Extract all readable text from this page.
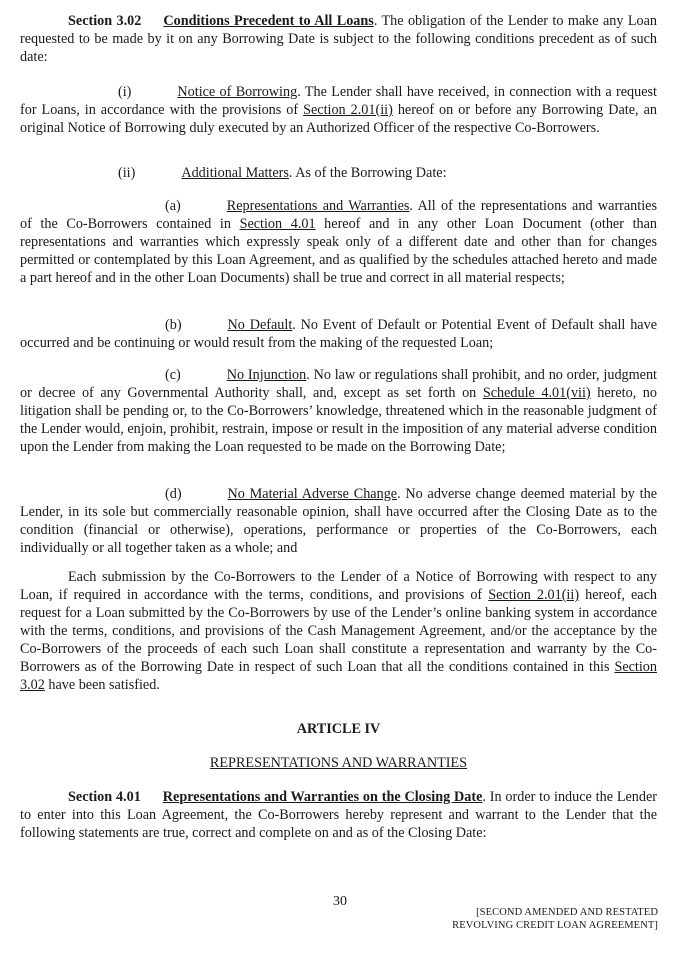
Section 3.02 Conditions Precedent to All Loans. The obligation of the Lender to make any Loan requested to be made by it on any Borrowing Date is subject to the following conditions precedent as of such date:

(i)	Notice of Borrowing. The Lender shall have received, in connection with a request for Loans, in accordance with the provisions of Section 2.01(ii) hereof on or before any Borrowing Date, an original Notice of Borrowing duly executed by an Authorized Officer of the respective Co-Borrowers.

(ii)	Additional Matters. As of the Borrowing Date:

(a)	Representations and Warranties. All of the representations and warranties of the Co-Borrowers contained in Section 4.01 hereof and in any other Loan Document (other than representations and warranties which expressly speak only of a different date and other than for changes permitted or contemplated by this Loan Agreement, and as qualified by the schedules attached hereto and made a part hereof and in the other Loan Documents) shall be true and correct in all material respects;

(b)	No Default. No Event of Default or Potential Event of Default shall have occurred and be continuing or would result from the making of the requested Loan;

(c)	No Injunction. No law or regulations shall prohibit, and no order, judgment or decree of any Governmental Authority shall, and, except as set forth on Schedule 4.01(vii) hereto, no litigation shall be pending or, to the Co-Borrowers’ knowledge, threatened which in the reasonable judgment of the Lender would, enjoin, prohibit, restrain, impose or result in the imposition of any material adverse condition upon the Lender from making the Loan requested to be made on the Borrowing Date;

(d)	No Material Adverse Change. No adverse change deemed material by the Lender, in its sole but commercially reasonable opinion, shall have occurred after the Closing Date as to the condition (financial or otherwise), operations, performance or properties of the Co-Borrowers, each individually or all together taken as a whole; and

Each submission by the Co-Borrowers to the Lender of a Notice of Borrowing with respect to any Loan, if required in accordance with the terms, conditions, and provisions of Section 2.01(ii) hereof, each request for a Loan submitted by the Co-Borrowers by use of the Lender’s online banking system in accordance with the terms, conditions, and provisions of the Cash Management Agreement, and/or the acceptance by the Co-Borrowers of the proceeds of each such Loan shall constitute a representation and warranty by the Co-Borrowers as of the Borrowing Date in respect of such Loan that all the conditions contained in this Section 3.02 have been satisfied.

ARTICLE IV
REPRESENTATIONS AND WARRANTIES

Section 4.01 Representations and Warranties on the Closing Date. In order to induce the Lender to enter into this Loan Agreement, the Co-Borrowers hereby represent and warrant to the Lender that the following statements are true, correct and complete on and as of the Closing Date:

30
[SECOND AMENDED AND RESTATED
REVOLVING CREDIT LOAN AGREEMENT]
